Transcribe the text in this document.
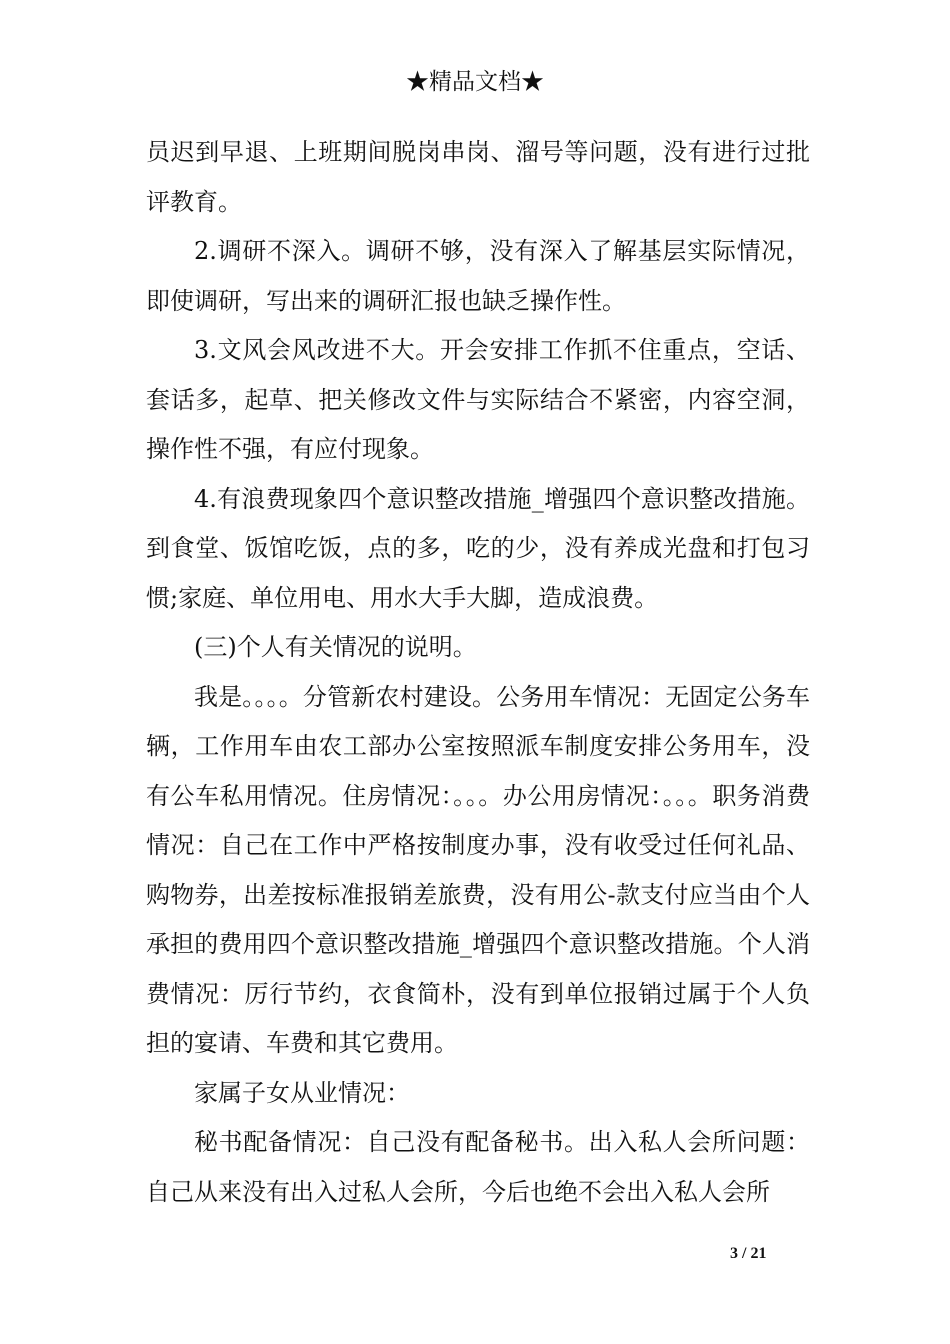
★精品文档★

员迟到早退、上班期间脱岗串岗、溜号等问题，没有进行过批评教育。

2.调研不深入。调研不够，没有深入了解基层实际情况，即使调研，写出来的调研汇报也缺乏操作性。

3.文风会风改进不大。开会安排工作抓不住重点，空话、套话多，起草、把关修改文件与实际结合不紧密，内容空洞，操作性不强，有应付现象。

4.有浪费现象四个意识整改措施_增强四个意识整改措施。到食堂、饭馆吃饭，点的多，吃的少，没有养成光盘和打包习惯;家庭、单位用电、用水大手大脚，造成浪费。

(三)个人有关情况的说明。

我是。。。。分管新农村建设。公务用车情况：无固定公务车辆，工作用车由农工部办公室按照派车制度安排公务用车，没有公车私用情况。住房情况：。。。办公用房情况：。。。职务消费情况：自己在工作中严格按制度办事，没有收受过任何礼品、购物券，出差按标准报销差旅费，没有用公-款支付应当由个人承担的费用四个意识整改措施_增强四个意识整改措施。个人消费情况：厉行节约，衣食简朴，没有到单位报销过属于个人负担的宴请、车费和其它费用。

家属子女从业情况：

秘书配备情况：自己没有配备秘书。出入私人会所问题：自己从来没有出入过私人会所，今后也绝不会出入私人会所

3 / 21
